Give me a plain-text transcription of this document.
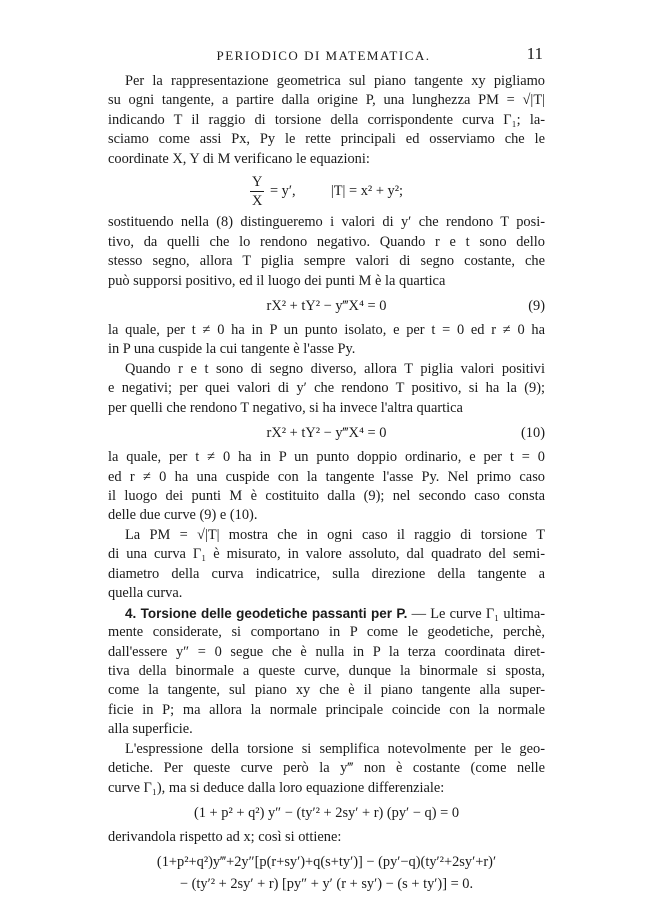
PERIODICO DI MATEMATICA.	11
Per la rappresentazione geometrica sul piano tangente xy pigliamo
su ogni tangente, a partire dalla origine P, una lunghezza PM = √|T|
indicando T il raggio di torsione della corrispondente curva Γ₁; la-
sciamo come assi Px, Py le rette principali ed osserviamo che le
coordinate X, Y di M verificano le equazioni:
$\frac{Y}{X} = y'$, |T| = x² + y²;
sostituendo nella (8) distingueremo i valori di y′ che rendono T posi-
tivo, da quelli che lo rendono negativo. Quando r e t sono dello
stesso segno, allora T piglia sempre valori di segno costante, che
può supporsi positivo, ed il luogo dei punti M è la quartica
rX² + tY² − y‴X⁴ = 0	(9)
la quale, per t ≠ 0 ha in P un punto isolato, e per t = 0 ed r ≠ 0 ha
in P una cuspide la cui tangente è l'asse Py.
Quando r e t sono di segno diverso, allora T piglia valori positivi
e negativi; per quei valori di y′ che rendono T positivo, si ha la (9);
per quelli che rendono T negativo, si ha invece l'altra quartica
rX² + tY² − y‴X⁴ = 0	(10)
la quale, per t ≠ 0 ha in P un punto doppio ordinario, e per t = 0
ed r ≠ 0 ha una cuspide con la tangente l'asse Py. Nel primo caso
il luogo dei punti M è costituito dalla (9); nel secondo caso consta
delle due curve (9) e (10).
La PM = √|T| mostra che in ogni caso il raggio di torsione T
di una curva Γ₁ è misurato, in valore assoluto, dal quadrato del semi-
diametro della curva indicatrice, sulla direzione della tangente a
quella curva.
4. Torsione delle geodetiche passanti per P. — Le curve Γ₁ ultima-
mente considerate, si comportano in P come le geodetiche, perchè,
dall'essere y″ = 0 segue che è nulla in P la terza coordinata diret-
tiva della binormale a queste curve, dunque la binormale si sposta,
come la tangente, sul piano xy che è il piano tangente alla super-
ficie in P; ma allora la normale principale coincide con la normale
alla superficie.
L'espressione della torsione si semplifica notevolmente per le geo-
detiche. Per queste curve però la y‴ non è costante (come nelle
curve Γ₁), ma si deduce dalla loro equazione differenziale:
(1 + p² + q²) y″ − (ty′² + 2sy′ + r) (py′ − q) = 0
derivandola rispetto ad x; così si ottiene:
(1+p²+q²)y‴+2y″[p(r+sy′)+q(s+ty′)] − (py′−q)(ty′²+2sy′+r)′
− (ty′² + 2sy′ + r) [py″ + y′ (r + sy′) − (s + ty′)] = 0.
